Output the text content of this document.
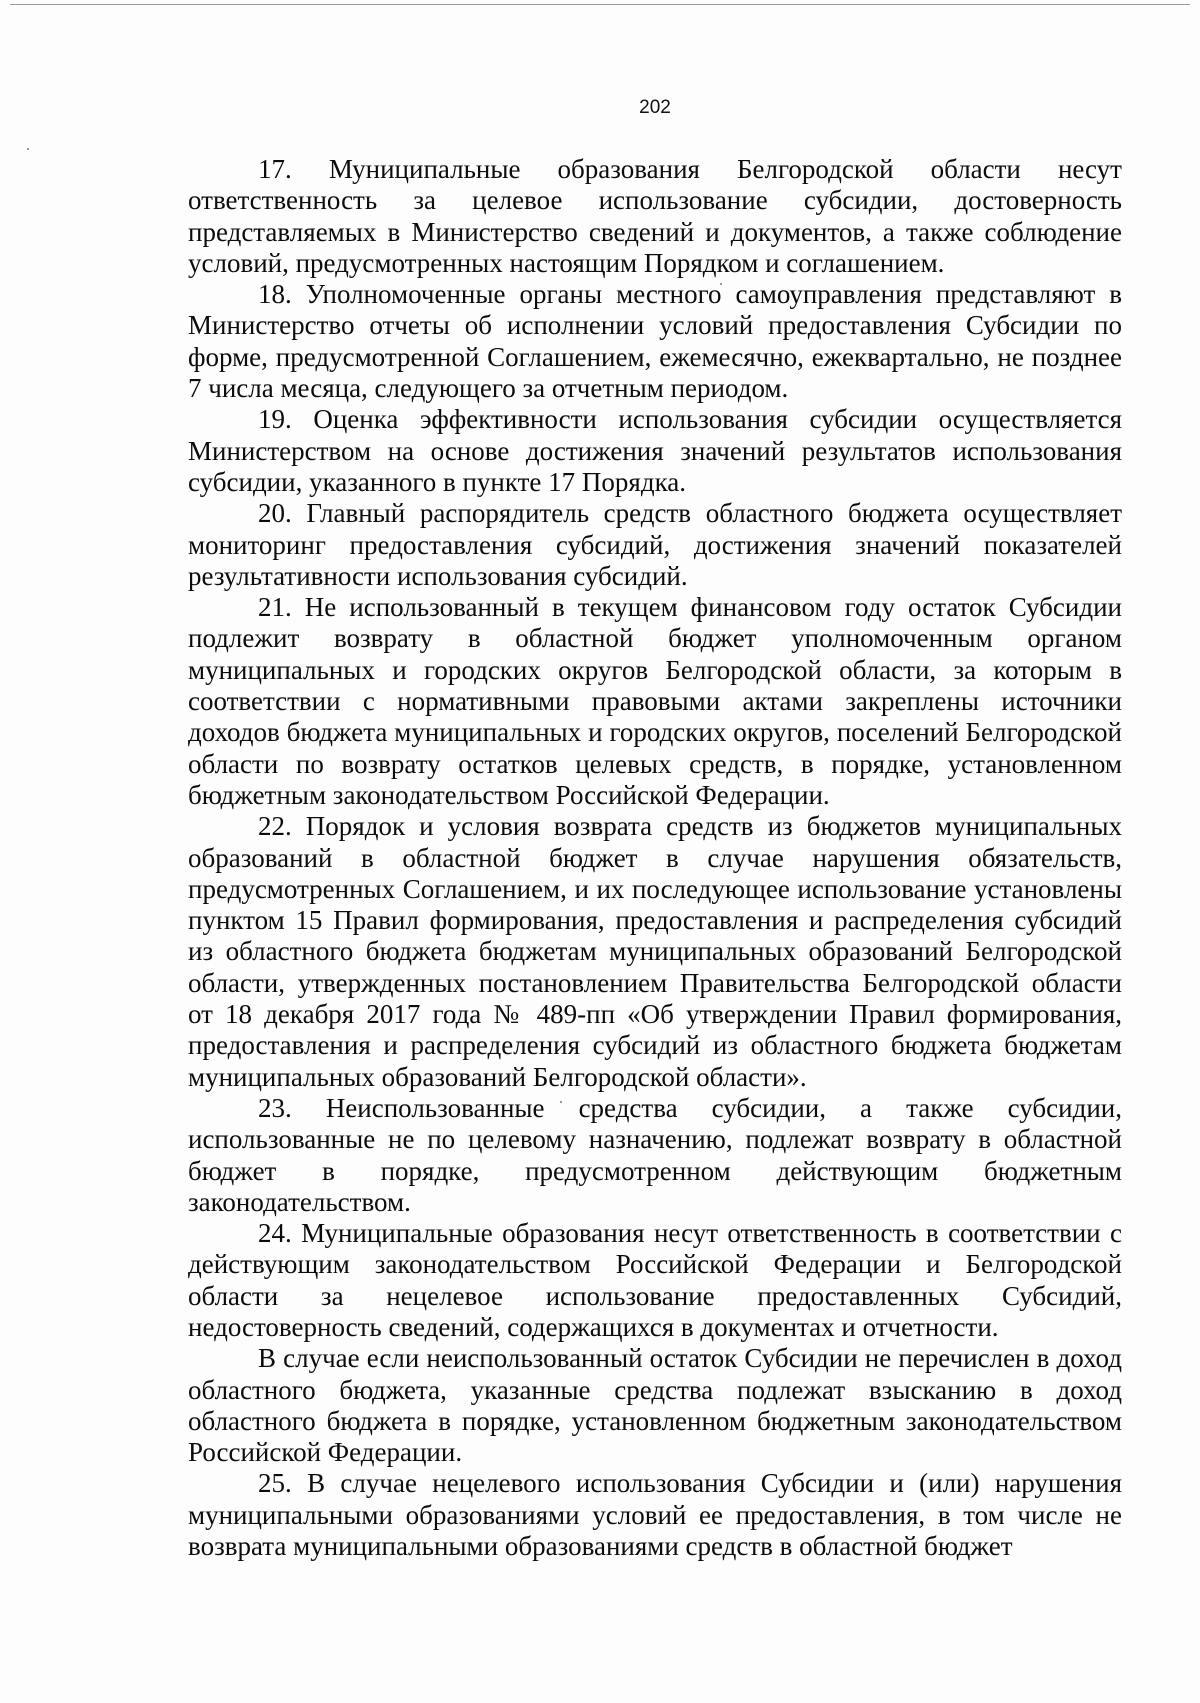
202

17. Муниципальные образования Белгородской области несут ответственность за целевое использование субсидии, достоверность представляемых в Министерство сведений и документов, а также соблюдение условий, предусмотренных настоящим Порядком и соглашением.

18. Уполномоченные органы местного самоуправления представляют в Министерство отчеты об исполнении условий предоставления Субсидии по форме, предусмотренной Соглашением, ежемесячно, ежеквартально, не позднее 7 числа месяца, следующего за отчетным периодом.

19. Оценка эффективности использования субсидии осуществляется Министерством на основе достижения значений результатов использования субсидии, указанного в пункте 17 Порядка.

20. Главный распорядитель средств областного бюджета осуществляет мониторинг предоставления субсидий, достижения значений показателей результативности использования субсидий.

21. Не использованный в текущем финансовом году остаток Субсидии подлежит возврату в областной бюджет уполномоченным органом муниципальных и городских округов Белгородской области, за которым в соответствии с нормативными правовыми актами закреплены источники доходов бюджета муниципальных и городских округов, поселений Белгородской области по возврату остатков целевых средств, в порядке, установленном бюджетным законодательством Российской Федерации.

22. Порядок и условия возврата средств из бюджетов муниципальных образований в областной бюджет в случае нарушения обязательств, предусмотренных Соглашением, и их последующее использование установлены пунктом 15 Правил формирования, предоставления и распределения субсидий из областного бюджета бюджетам муниципальных образований Белгородской области, утвержденных постановлением Правительства Белгородской области от 18 декабря 2017 года № 489-пп «Об утверждении Правил формирования, предоставления и распределения субсидий из областного бюджета бюджетам муниципальных образований Белгородской области».

23. Неиспользованные средства субсидии, а также субсидии, использованные не по целевому назначению, подлежат возврату в областной бюджет в порядке, предусмотренном действующим бюджетным законодательством.

24. Муниципальные образования несут ответственность в соответствии с действующим законодательством Российской Федерации и Белгородской области за нецелевое использование предоставленных Субсидий, недостоверность сведений, содержащихся в документах и отчетности.

В случае если неиспользованный остаток Субсидии не перечислен в доход областного бюджета, указанные средства подлежат взысканию в доход областного бюджета в порядке, установленном бюджетным законодательством Российской Федерации.

25. В случае нецелевого использования Субсидии и (или) нарушения муниципальными образованиями условий ее предоставления, в том числе не возврата муниципальными образованиями средств в областной бюджет
